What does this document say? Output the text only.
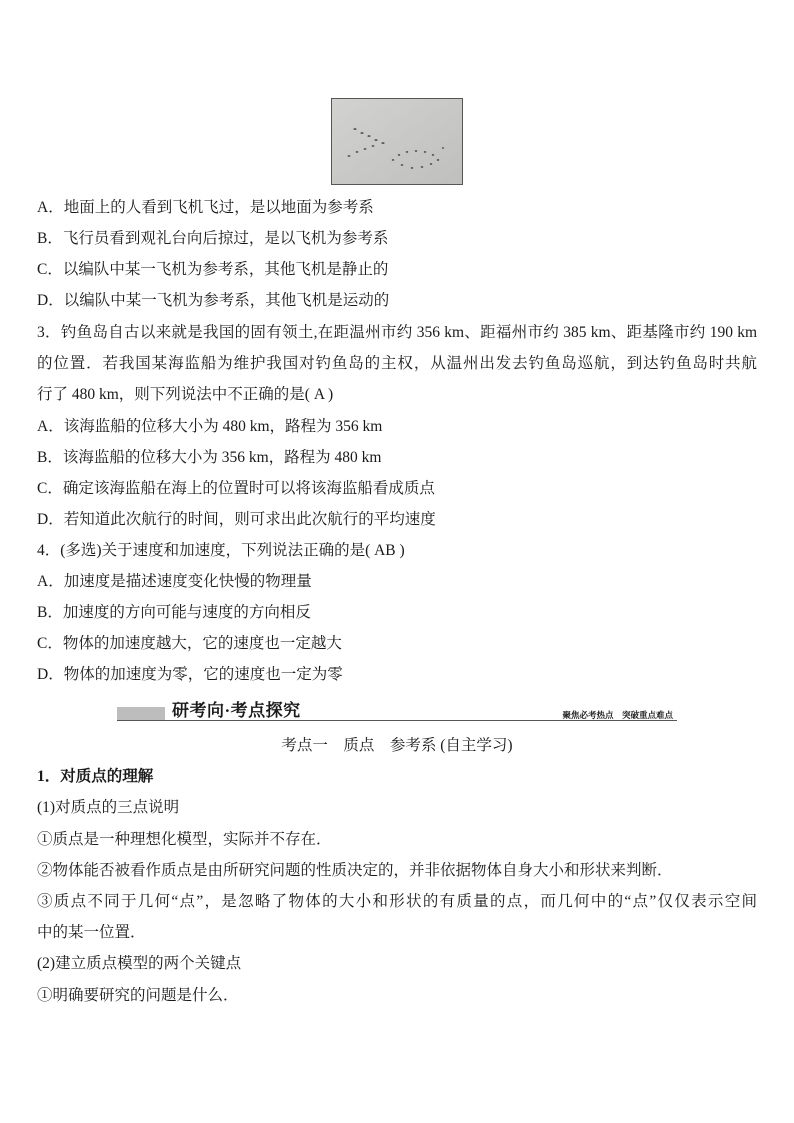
A．地面上的人看到飞机飞过，是以地面为参考系
B．飞行员看到观礼台向后掠过，是以飞机为参考系
C．以编队中某一飞机为参考系，其他飞机是静止的
D．以编队中某一飞机为参考系，其他飞机是运动的
3．钓鱼岛自古以来就是我国的固有领土,在距温州市约 356 km、距福州市约 385 km、距基隆市约 190 km
的位置．若我国某海监船为维护我国对钓鱼岛的主权，从温州出发去钓鱼岛巡航，到达钓鱼岛时共航
行了 480 km，则下列说法中不正确的是( A )
A．该海监船的位移大小为 480 km，路程为 356 km
B．该海监船的位移大小为 356 km，路程为 480 km
C．确定该海监船在海上的位置时可以将该海监船看成质点
D．若知道此次航行的时间，则可求出此次航行的平均速度
4．(多选)关于速度和加速度，下列说法正确的是( AB )
A．加速度是描述速度变化快慢的物理量
B．加速度的方向可能与速度的方向相反
C．物体的加速度越大，它的速度也一定越大
D．物体的加速度为零，它的速度也一定为零
研考向·考点探究	聚焦必考热点　突破重点难点
考点一　质点　参考系 (自主学习)
1．对质点的理解
(1)对质点的三点说明
①质点是一种理想化模型，实际并不存在．
②物体能否被看作质点是由所研究问题的性质决定的，并非依据物体自身大小和形状来判断．
③质点不同于几何“点”，是忽略了物体的大小和形状的有质量的点，而几何中的“点”仅仅表示空间
中的某一位置．
(2)建立质点模型的两个关键点
①明确要研究的问题是什么．
